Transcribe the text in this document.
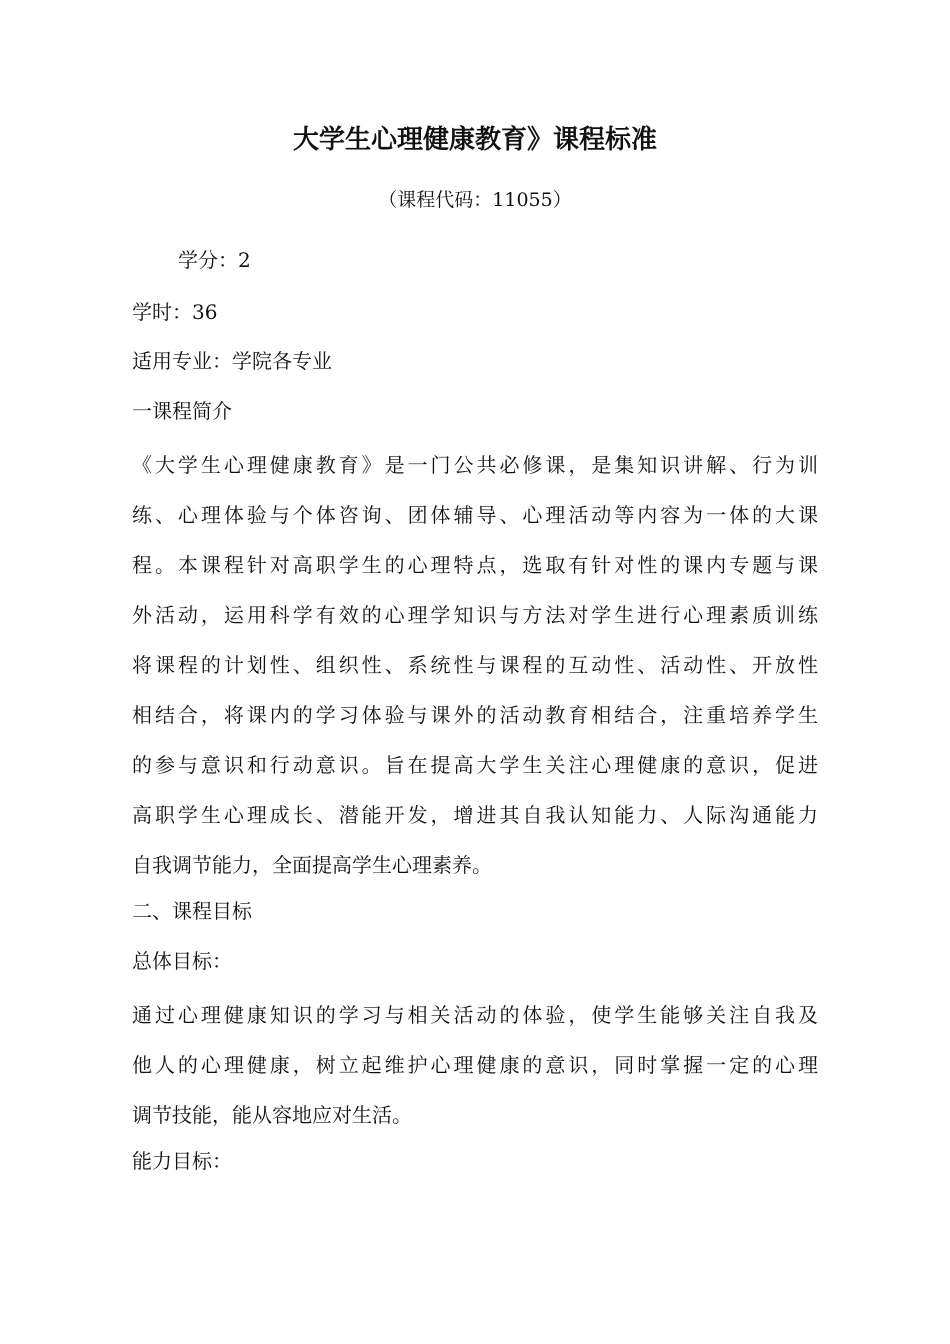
大学生心理健康教育》课程标准

（课程代码：11055）

学分：2

学时：36

适用专业：学院各专业

一课程简介

《大学生心理健康教育》是一门公共必修课，是集知识讲解、行为训
练、心理体验与个体咨询、团体辅导、心理活动等内容为一体的大课
程。本课程针对高职学生的心理特点，选取有针对性的课内专题与课
外活动，运用科学有效的心理学知识与方法对学生进行心理素质训练
将课程的计划性、组织性、系统性与课程的互动性、活动性、开放性
相结合，将课内的学习体验与课外的活动教育相结合，注重培养学生
的参与意识和行动意识。旨在提高大学生关注心理健康的意识，促进
高职学生心理成长、潜能开发，增进其自我认知能力、人际沟通能力
自我调节能力，全面提高学生心理素养。

二、课程目标

总体目标：

通过心理健康知识的学习与相关活动的体验，使学生能够关注自我及
他人的心理健康，树立起维护心理健康的意识，同时掌握一定的心理
调节技能，能从容地应对生活。

能力目标：
